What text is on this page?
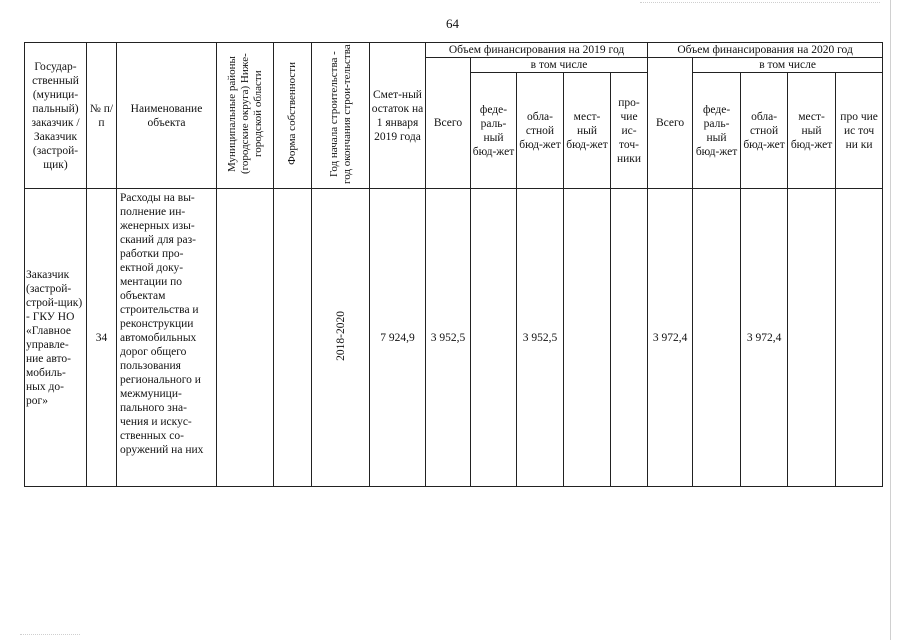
64
Государ-ственный (муници-пальный) заказчик / Заказчик (застрой-щик)	№ п/п	Наименование объекта	Муниципальные районы (городские округа) Ниже-городской области	Форма собственности	Год начала строительства - год окончания строи-тельства	Смет-ный остаток на 1 января 2019 года	Объем финансирования на 2019 год					Объем финансирования на 2020 год				
							Всего	в том числе				Всего	в том числе			
								феде-раль-ный бюд-жет	обла-стной бюд-жет	мест-ный бюд-жет	про-чие ис-точ-ники		феде-раль-ный бюд-жет	обла-стной бюд-жет	мест-ный бюд-жет	про чие ис точ ни ки
Заказчик (застрой-строй-щик) - ГКУ НО «Главное управле-ние авто-мобиль-ных до-рог»	34	Расходы на вы-полнение ин-женерных изы-сканий для раз-работки про-ектной доку-ментации по объектам строительства и реконструкции автомобильных дорог общего пользования регионального и межмуници-пального зна-чения и искус-ственных со-оружений на них			2018-2020	7 924,9	3 952,5		3 952,5			3 972,4		3 972,4		
